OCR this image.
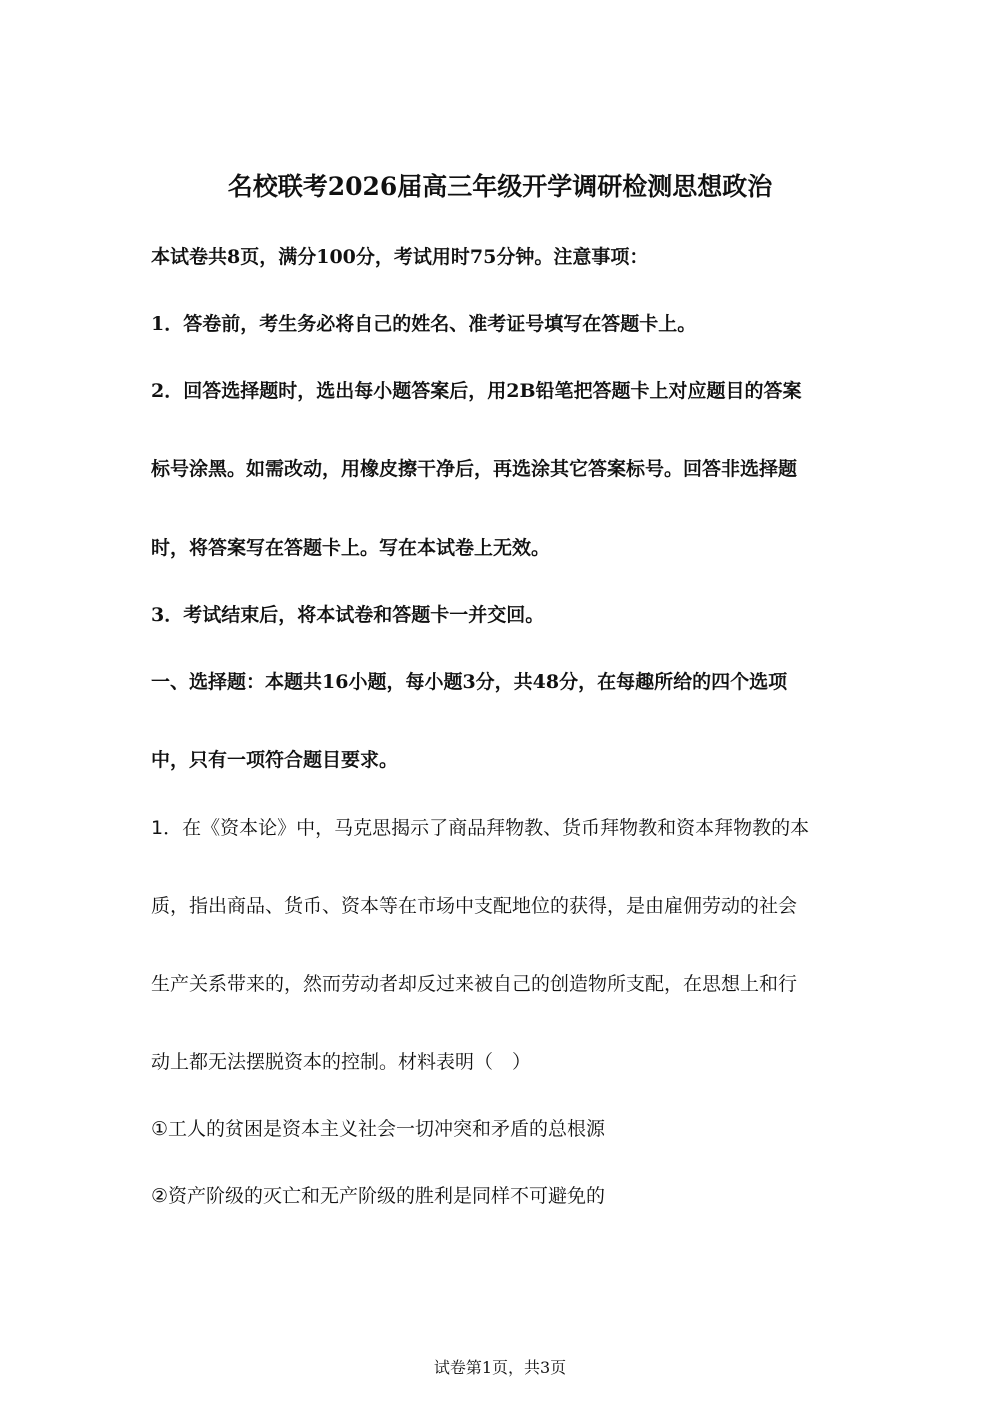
名校联考2026届高三年级开学调研检测思想政治
本试卷共8页，满分100分，考试用时75分钟。注意事项：
1．答卷前，考生务必将自己的姓名、准考证号填写在答题卡上。
2．回答选择题时，选出每小题答案后，用2B铅笔把答题卡上对应题目的答案
标号涂黑。如需改动，用橡皮擦干净后，再选涂其它答案标号。回答非选择题
时，将答案写在答题卡上。写在本试卷上无效。
3．考试结束后，将本试卷和答题卡一并交回。
一、选择题：本题共16小题，每小题3分，共48分，在每趣所给的四个选项
中，只有一项符合题目要求。
1．在《资本论》中，马克思揭示了商品拜物教、货币拜物教和资本拜物教的本
质，指出商品、货币、资本等在市场中支配地位的获得，是由雇佣劳动的社会
生产关系带来的，然而劳动者却反过来被自己的创造物所支配，在思想上和行
动上都无法摆脱资本的控制。材料表明（　）
①工人的贫困是资本主义社会一切冲突和矛盾的总根源
②资产阶级的灭亡和无产阶级的胜利是同样不可避免的
试卷第1页，共3页
